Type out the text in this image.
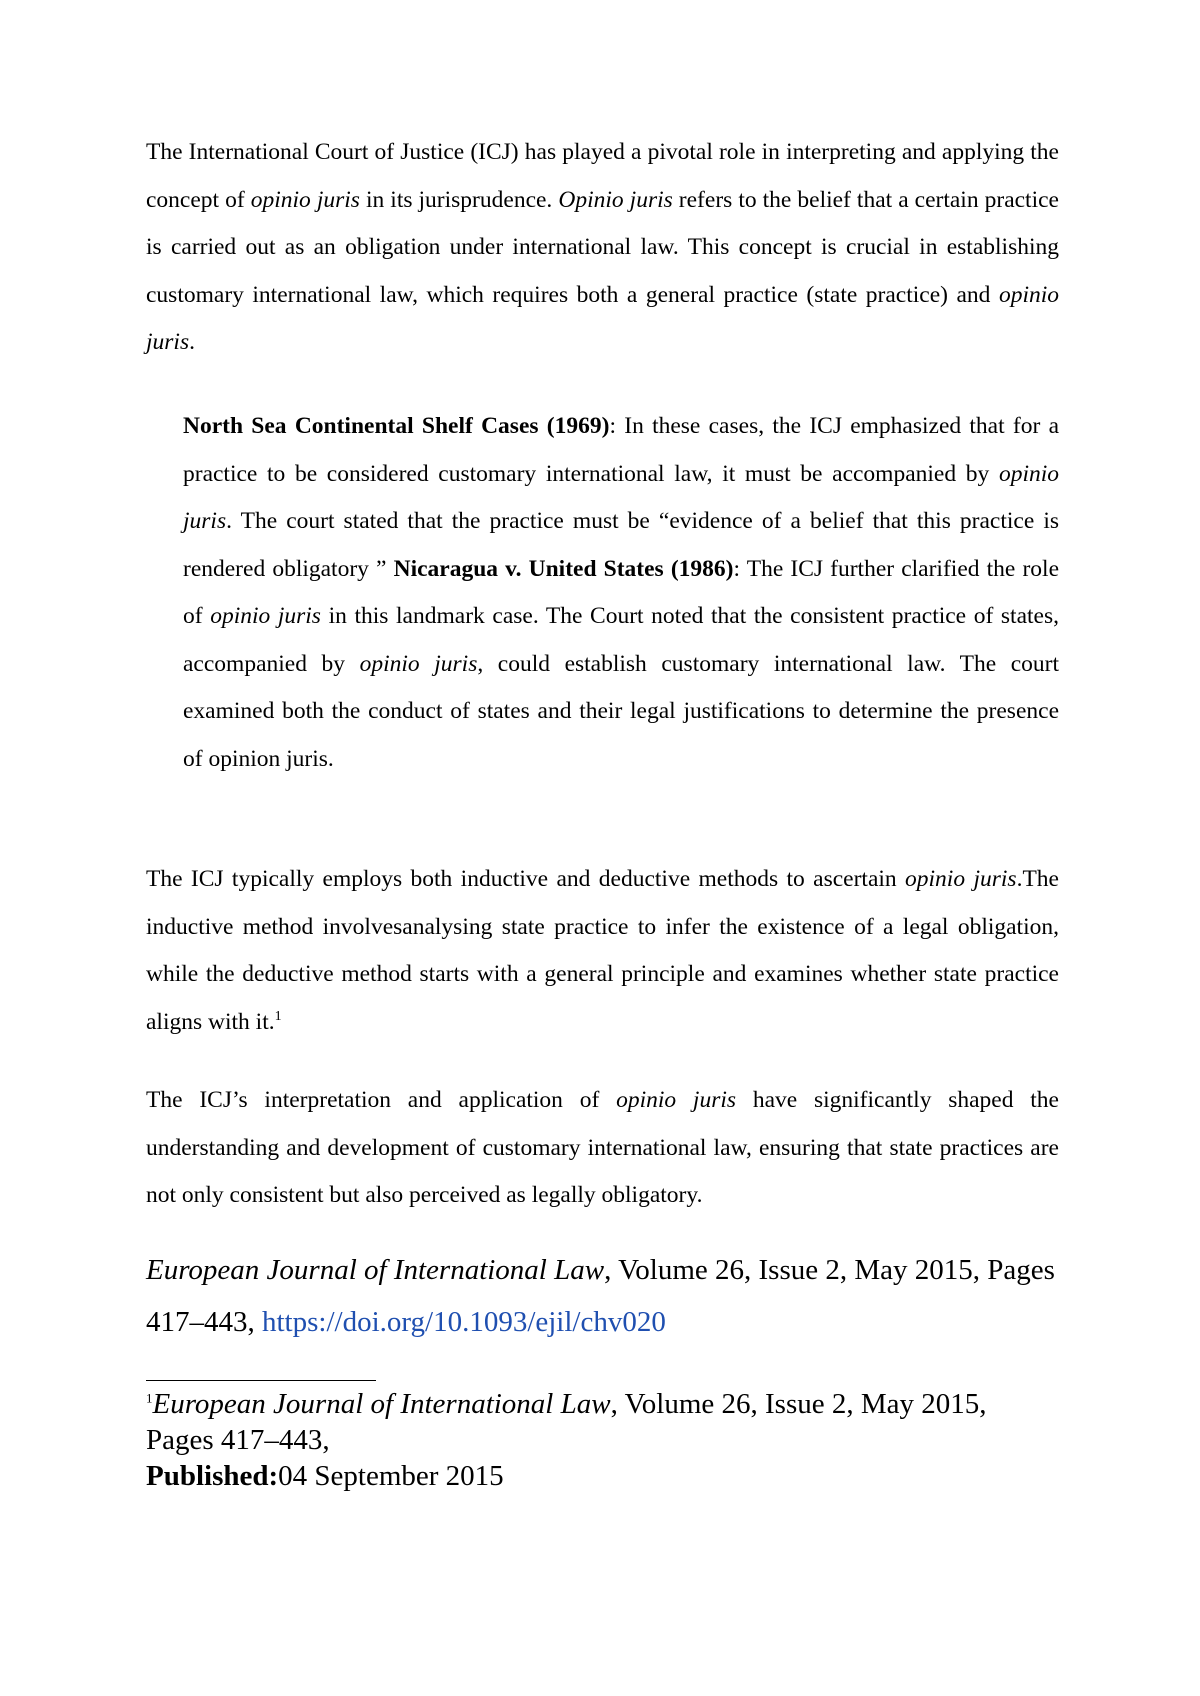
The International Court of Justice (ICJ) has played a pivotal role in interpreting and applying the concept of opinio juris in its jurisprudence. Opinio juris refers to the belief that a certain practice is carried out as an obligation under international law. This concept is crucial in establishing customary international law, which requires both a general practice (state practice) and opinio juris.

North Sea Continental Shelf Cases (1969): In these cases, the ICJ emphasized that for a practice to be considered customary international law, it must be accompanied by opinio juris. The court stated that the practice must be “evidence of a belief that this practice is rendered obligatory ” Nicaragua v. United States (1986): The ICJ further clarified the role of opinio juris in this landmark case. The Court noted that the consistent practice of states, accompanied by opinio juris, could establish customary international law. The court examined both the conduct of states and their legal justifications to determine the presence of opinion juris.

The ICJ typically employs both inductive and deductive methods to ascertain opinio juris.The inductive method involvesanalysing state practice to infer the existence of a legal obligation, while the deductive method starts with a general principle and examines whether state practice aligns with it.$^1$

The ICJ’s interpretation and application of opinio juris have significantly shaped the understanding and development of customary international law, ensuring that state practices are not only consistent but also perceived as legally obligatory.

European Journal of International Law, Volume 26, Issue 2, May 2015, Pages 417–443, https://doi.org/10.1093/ejil/chv020

$^1$European Journal of International Law, Volume 26, Issue 2, May 2015, Pages 417–443,
Published:04 September 2015
